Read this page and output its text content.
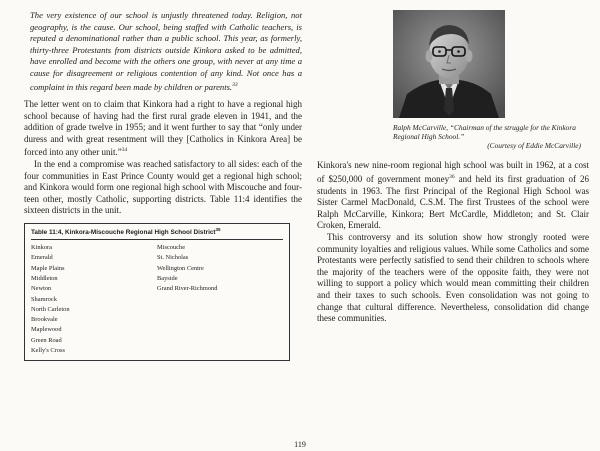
The very existence of our school is unjustly threatened today. Religion, not geography, is the cause. Our school, being staffed with Catholic teachers, is reputed a denominational rather than a public school. This year, as formerly, thirty-three Protestants from districts outside Kinkora asked to be admitted, have enrolled and become with the others one group, with never at any time a cause for disagreement or religious contention of any kind. Not once has a complaint in this regard been made by children or parents.$^{33}$

The letter went on to claim that Kinkora had a right to have a regional high school because of having had the first rural grade eleven in 1941, and the addition of grade twelve in 1955; and it went further to say that “only under duress and with great resentment will they [Catholics in Kinkora Area] be forced into any other unit.”$^{34}$

In the end a compromise was reached satisfactory to all sides: each of the four communities in East Prince County would get a regional high school; and Kinkora would form one regional high school with Miscouche and four-teen other, mostly Catholic, supporting districts. Table 11:4 identifies the sixteen districts in the unit.

Table 11:4, Kinkora-Miscouche Regional High School District$^{35}$
Kinkora
Emerald
Maple Plains
Middleton
Newton
Shamrock
North Carleton
Brookvale
Maplewood
Green Road
Kelly's Cross
Miscouche
St. Nicholas
Wellington Centre
Bayside
Grand River-Richmond
Ralph McCarville, “Chairman of the struggle for the Kinkora Regional High School.”
(Courtesy of Eddie McCarville)

Kinkora's new nine-room regional high school was built in 1962, at a cost of $250,000 of government money$^{36}$ and held its first graduation of 26 students in 1963. The first Principal of the Regional High School was Sister Carmel MacDonald, C.S.M. The first Trustees of the school were Ralph McCarville, Kinkora; Bert McCardle, Middleton; and St. Clair Croken, Emerald.

This controversy and its solution show how strongly rooted were community loyalties and religious values. While some Catholics and some Protestants were perfectly satisfied to send their children to schools where the majority of the teachers were of the opposite faith, they were not willing to support a policy which would mean committing their children and their taxes to such schools. Even consolidation was not going to change that cultural difference. Nevertheless, consolidation did change these communities.

119
